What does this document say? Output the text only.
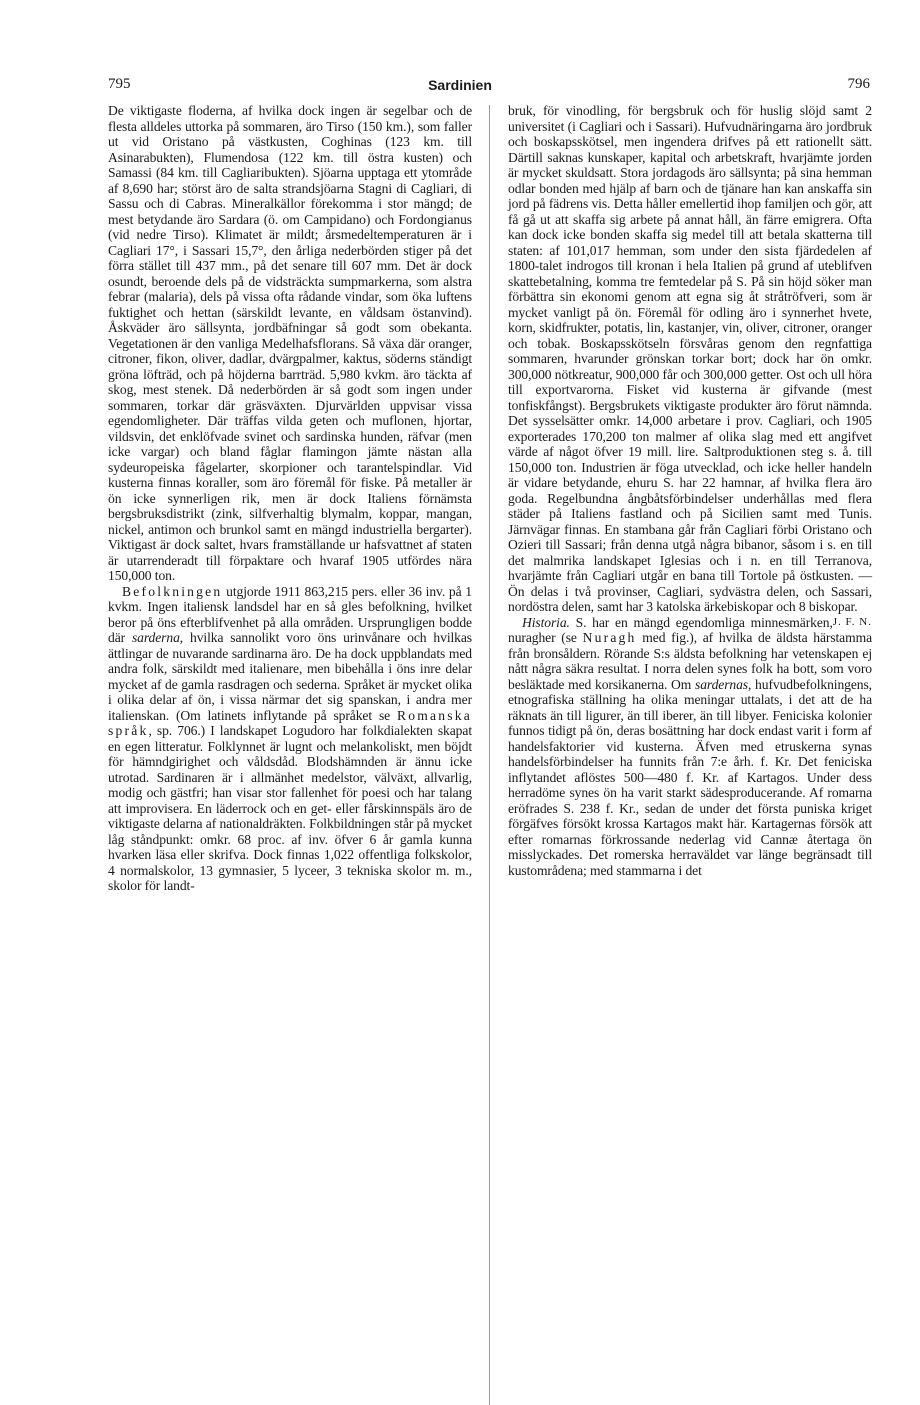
795	Sardinien	796

De viktigaste floderna, af hvilka dock ingen är segelbar och de flesta alldeles uttorka på sommaren, äro Tirso (150 km.), som faller ut vid Oristano på västkusten, Coghinas (123 km. till Asinarabukten), Flumendosa (122 km. till östra kusten) och Samassi (84 km. till Cagliaribukten). Sjöarna upptaga ett ytområde af 8,690 har; störst äro de salta strandsjöarna Stagni di Cagliari, di Sassu och di Cabras. Mineralkällor förekomma i stor mängd; de mest betydande äro Sardara (ö. om Campidano) och Fordongianus (vid nedre Tirso). Klimatet är mildt; årsmedeltemperaturen är i Cagliari 17°, i Sassari 15,7°, den årliga nederbörden stiger på det förra stället till 437 mm., på det senare till 607 mm. Det är dock osundt, beroende dels på de vidsträckta sumpmarkerna, som alstra febrar (malaria), dels på vissa ofta rådande vindar, som öka luftens fuktighet och hettan (särskildt levante, en våldsam östanvind). Åskväder äro sällsynta, jordbäfningar så godt som obekanta. Vegetationen är den vanliga Medelhafsflorans. Så växa där oranger, citroner, fikon, oliver, dadlar, dvärgpalmer, kaktus, söderns ständigt gröna löfträd, och på höjderna barrträd. 5,980 kvkm. äro täckta af skog, mest stenek. Då nederbörden är så godt som ingen under sommaren, torkar där gräsväxten. Djurvärlden uppvisar vissa egendomligheter. Där träffas vilda geten och muflonen, hjortar, vildsvin, det enklöfvade svinet och sardinska hunden, räfvar (men icke vargar) och bland fåglar flamingon jämte nästan alla sydeuropeiska fågelarter, skorpioner och tarantelspindlar. Vid kusterna finnas koraller, som äro föremål för fiske. På metaller är ön icke synnerligen rik, men är dock Italiens förnämsta bergsbruksdistrikt (zink, silfverhaltig blymalm, koppar, mangan, nickel, antimon och brunkol samt en mängd industriella bergarter). Viktigast är dock saltet, hvars framställande ur hafsvattnet af staten är utarrenderadt till förpaktare och hvaraf 1905 utfördes nära 150,000 ton.

Befolkningen utgjorde 1911 863,215 pers. eller 36 inv. på 1 kvkm. Ingen italiensk landsdel har en så gles befolkning, hvilket beror på öns efterblifvenhet på alla områden. Ursprungligen bodde där sarderna, hvilka sannolikt voro öns urinvånare och hvilkas ättlingar de nuvarande sardinarna äro. De ha dock uppblandats med andra folk, särskildt med italienare, men bibehålla i öns inre delar mycket af de gamla rasdragen och sederna. Språket är mycket olika i olika delar af ön, i vissa närmar det sig spanskan, i andra mer italienskan. (Om latinets inflytande på språket se Romanska språk, sp. 706.) I landskapet Logudoro har folkdialekten skapat en egen litteratur. Folklynnet är lugnt och melankoliskt, men böjdt för hämndgirighet och våldsdåd. Blodshämnden är ännu icke utrotad. Sardinaren är i allmänhet medelstor, välväxt, allvarlig, modig och gästfri; han visar stor fallenhet för poesi och har talang att improvisera. En läderrock och en get- eller fårskinnspäls äro de viktigaste delarna af nationaldräkten. Folkbildningen står på mycket låg ståndpunkt: omkr. 68 proc. af inv. öfver 6 år gamla kunna hvarken läsa eller skrifva. Dock finnas 1,022 offentliga folkskolor, 4 normalskolor, 13 gymnasier, 5 lyceer, 3 tekniska skolor m. m., skolor för landt-

bruk, för vinodling, för bergsbruk och för huslig slöjd samt 2 universitet (i Cagliari och i Sassari). Hufvudnäringarna äro jordbruk och boskapsskötsel, men ingendera drifves på ett rationellt sätt. Därtill saknas kunskaper, kapital och arbetskraft, hvarjämte jorden är mycket skuldsatt. Stora jordagods äro sällsynta; på sina hemman odlar bonden med hjälp af barn och de tjänare han kan anskaffa sin jord på fädrens vis. Detta håller emellertid ihop familjen och gör, att få gå ut att skaffa sig arbete på annat håll, än färre emigrera. Ofta kan dock icke bonden skaffa sig medel till att betala skatterna till staten: af 101,017 hemman, som under den sista fjärdedelen af 1800-talet indrogos till kronan i hela Italien på grund af uteblifven skattebetalning, komma tre femtedelar på S. På sin höjd söker man förbättra sin ekonomi genom att egna sig åt stråtröfveri, som är mycket vanligt på ön. Föremål för odling äro i synnerhet hvete, korn, skidfrukter, potatis, lin, kastanjer, vin, oliver, citroner, oranger och tobak. Boskapsskötseln försvåras genom den regnfattiga sommaren, hvarunder grönskan torkar bort; dock har ön omkr. 300,000 nötkreatur, 900,000 får och 300,000 getter. Ost och ull höra till exportvarorna. Fisket vid kusterna är gifvande (mest tonfiskfångst). Bergsbrukets viktigaste produkter äro förut nämnda. Det sysselsätter omkr. 14,000 arbetare i prov. Cagliari, och 1905 exporterades 170,200 ton malmer af olika slag med ett angifvet värde af något öfver 19 mill. lire. Saltproduktionen steg s. å. till 150,000 ton. Industrien är föga utvecklad, och icke heller handeln är vidare betydande, ehuru S. har 22 hamnar, af hvilka flera äro goda. Regelbundna ångbåtsförbindelser underhållas med flera städer på Italiens fastland och på Sicilien samt med Tunis. Järnvägar finnas. En stambana går från Cagliari förbi Oristano och Ozieri till Sassari; från denna utgå några bibanor, såsom i s. en till det malmrika landskapet Iglesias och i n. en till Terranova, hvarjämte från Cagliari utgår en bana till Tortole på östkusten. — Ön delas i två provinser, Cagliari, sydvästra delen, och Sassari, nordöstra delen, samt har 3 katolska ärkebiskopar och 8 biskopar.
J. F. N.

Historia. S. har en mängd egendomliga minnesmärken, nuragher (se Nuragh med fig.), af hvilka de äldsta härstamma från bronsåldern. Rörande S:s äldsta befolkning har vetenskapen ej nått några säkra resultat. I norra delen synes folk ha bott, som voro besläktade med korsikanerna. Om sardernas, hufvudbefolkningens, etnografiska ställning ha olika meningar uttalats, i det att de ha räknats än till ligurer, än till iberer, än till libyer. Feniciska kolonier funnos tidigt på ön, deras bosättning har dock endast varit i form af handelsfaktorier vid kusterna. Äfven med etruskerna synas handelsförbindelser ha funnits från 7:e årh. f. Kr. Det feniciska inflytandet aflöstes 500—480 f. Kr. af Kartagos. Under dess herradöme synes ön ha varit starkt sädesproducerande. Af romarna eröfrades S. 238 f. Kr., sedan de under det första puniska kriget förgäfves försökt krossa Kartagos makt här. Kartagernas försök att efter romarnas förkrossande nederlag vid Cannæ återtaga ön misslyckades. Det romerska herraväldet var länge begränsadt till kustområdena; med stammarna i det
